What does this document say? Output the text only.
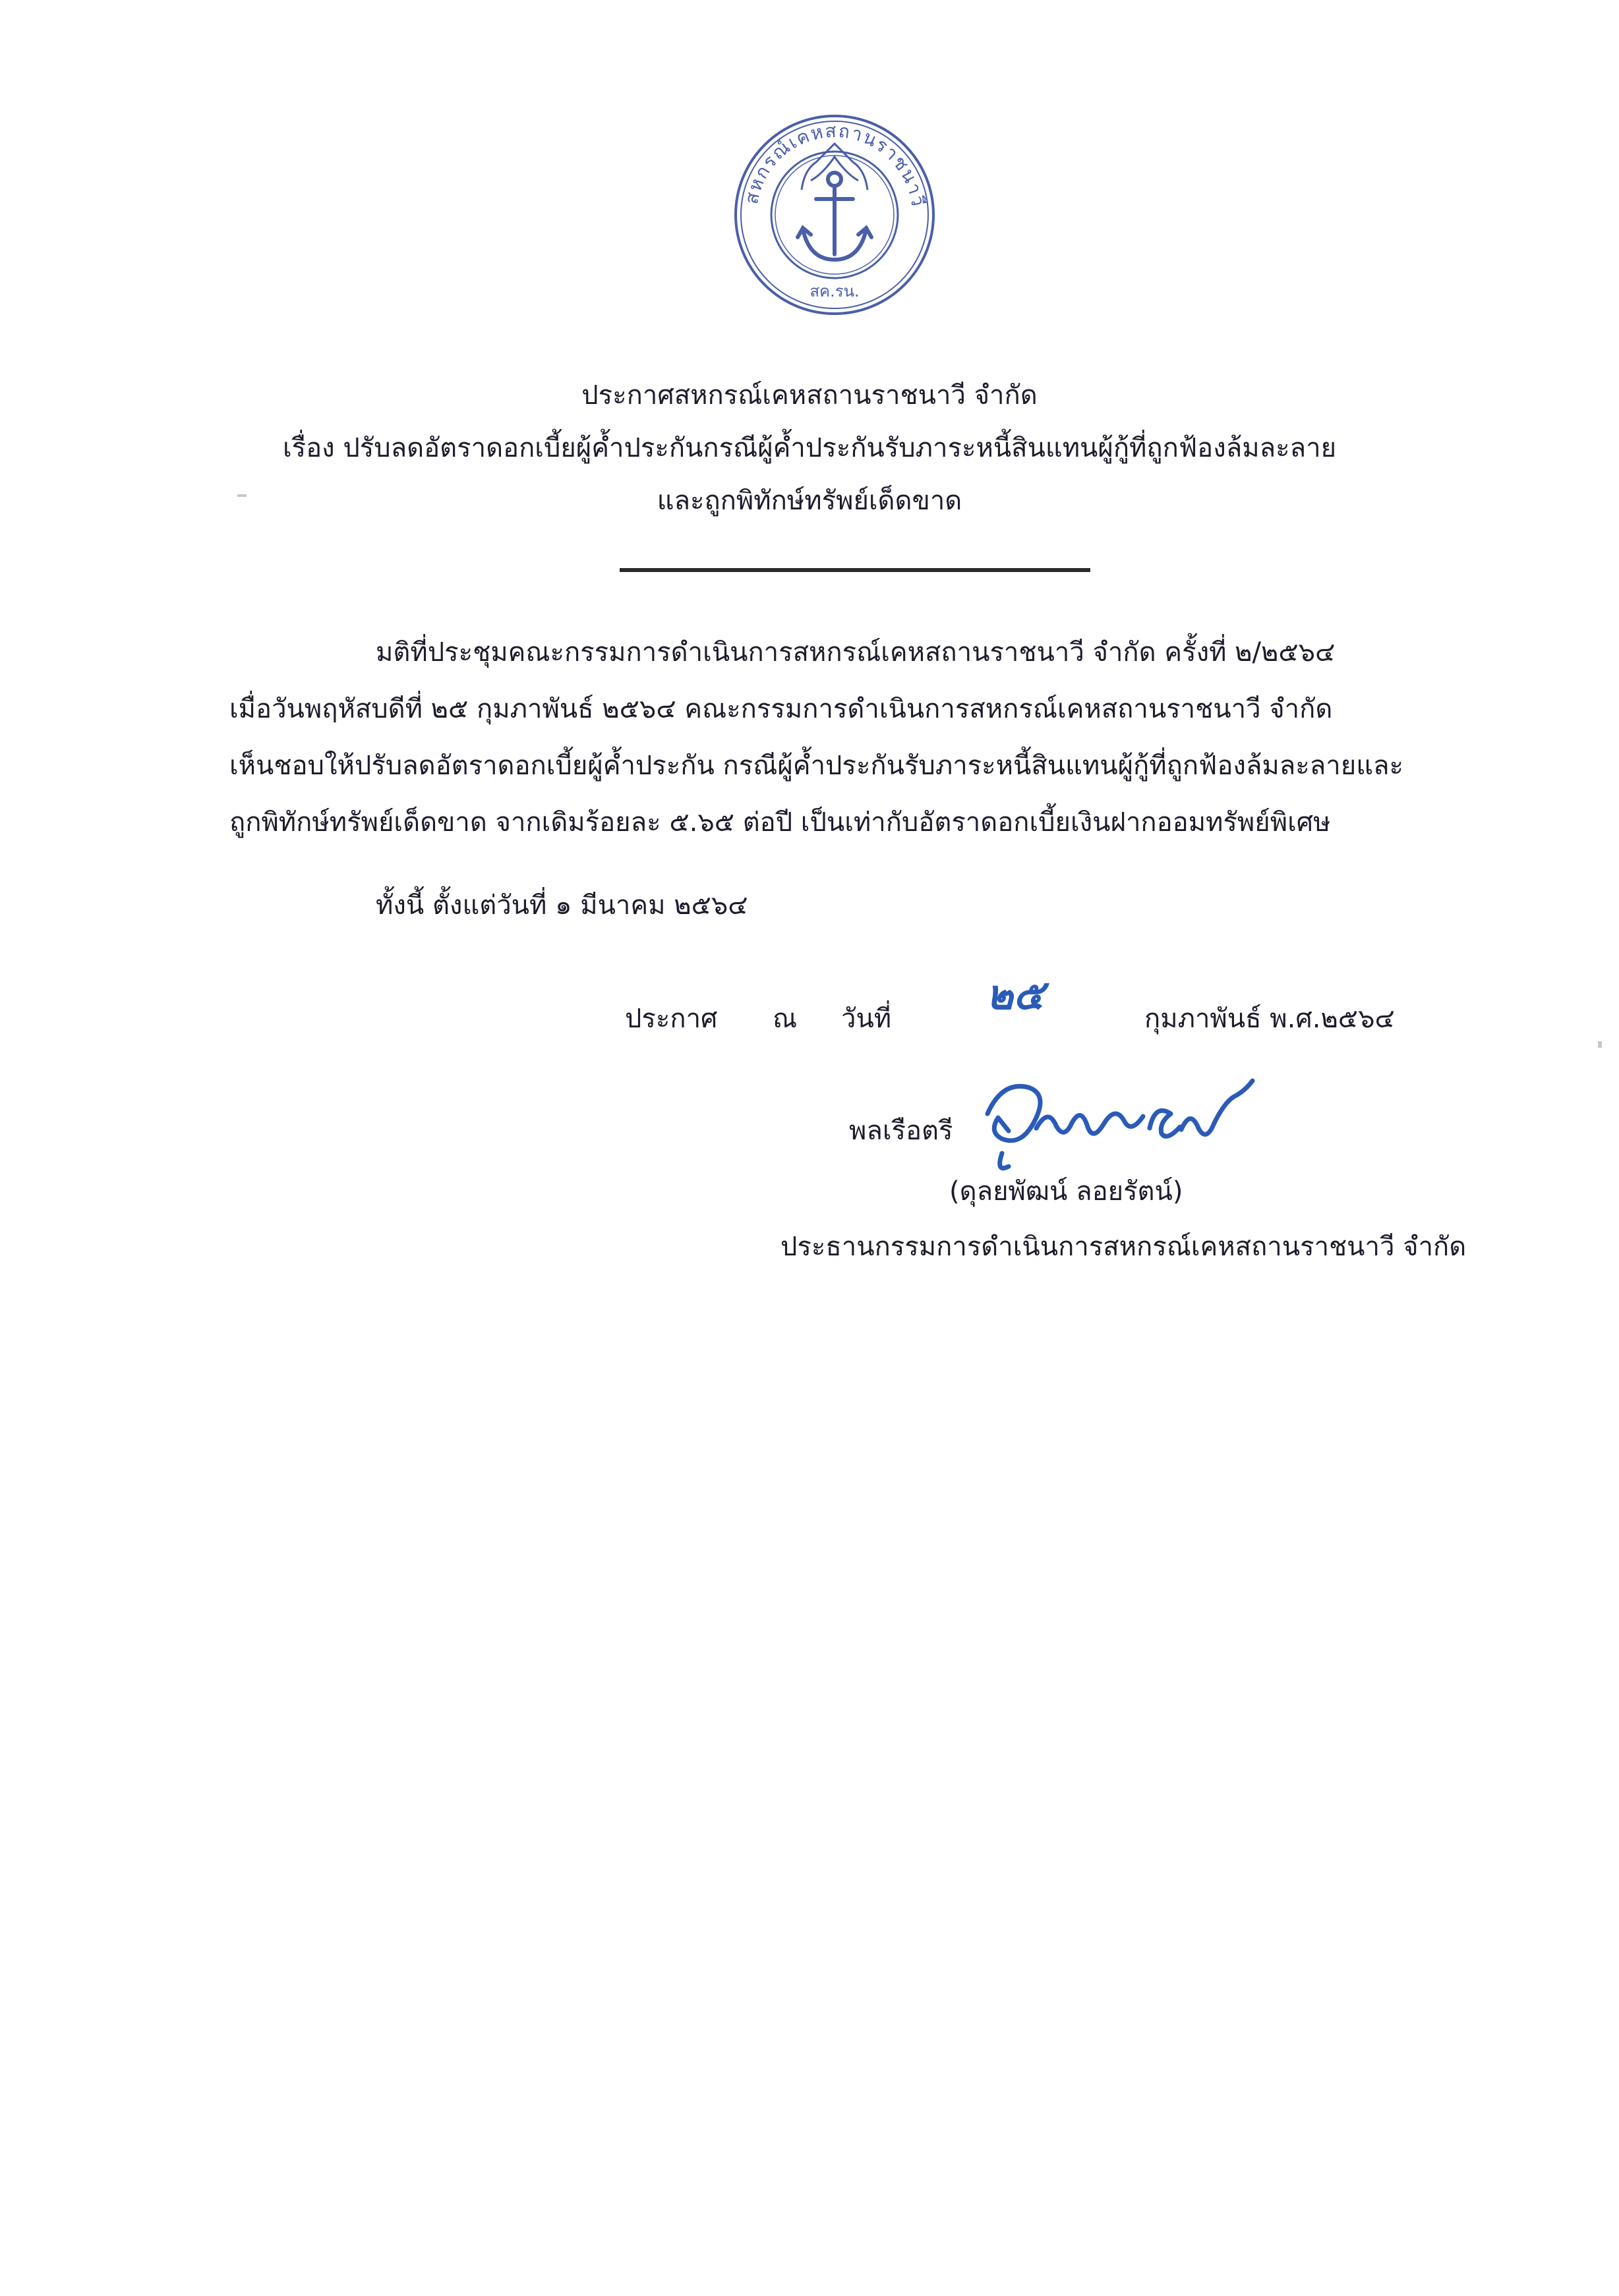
สหกรณ์เคหสถานราชนาวี
สค.รน.
ประกาศสหกรณ์เคหสถานราชนาวี จำกัด
เรื่อง ปรับลดอัตราดอกเบี้ยผู้ค้ำประกันกรณีผู้ค้ำประกันรับภาระหนี้สินแทนผู้กู้ที่ถูกฟ้องล้มละลาย
และถูกพิทักษ์ทรัพย์เด็ดขาด
มติที่ประชุมคณะกรรมการดำเนินการสหกรณ์เคหสถานราชนาวี จำกัด ครั้งที่ ๒/๒๕๖๔
เมื่อวันพฤหัสบดีที่ ๒๕ กุมภาพันธ์ ๒๕๖๔ คณะกรรมการดำเนินการสหกรณ์เคหสถานราชนาวี จำกัด
เห็นชอบให้ปรับลดอัตราดอกเบี้ยผู้ค้ำประกัน กรณีผู้ค้ำประกันรับภาระหนี้สินแทนผู้กู้ที่ถูกฟ้องล้มละลายและ
ถูกพิทักษ์ทรัพย์เด็ดขาด จากเดิมร้อยละ ๕.๖๕ ต่อปี เป็นเท่ากับอัตราดอกเบี้ยเงินฝากออมทรัพย์พิเศษ
ทั้งนี้ ตั้งแต่วันที่ ๑ มีนาคม ๒๕๖๔
ประกาศ ณ วันที่ ๒๕	กุมภาพันธ์ พ.ศ.๒๕๖๔
พลเรือตรี
(ดุลยพัฒน์ ลอยรัตน์)
ประธานกรรมการดำเนินการสหกรณ์เคหสถานราชนาวี จำกัด
